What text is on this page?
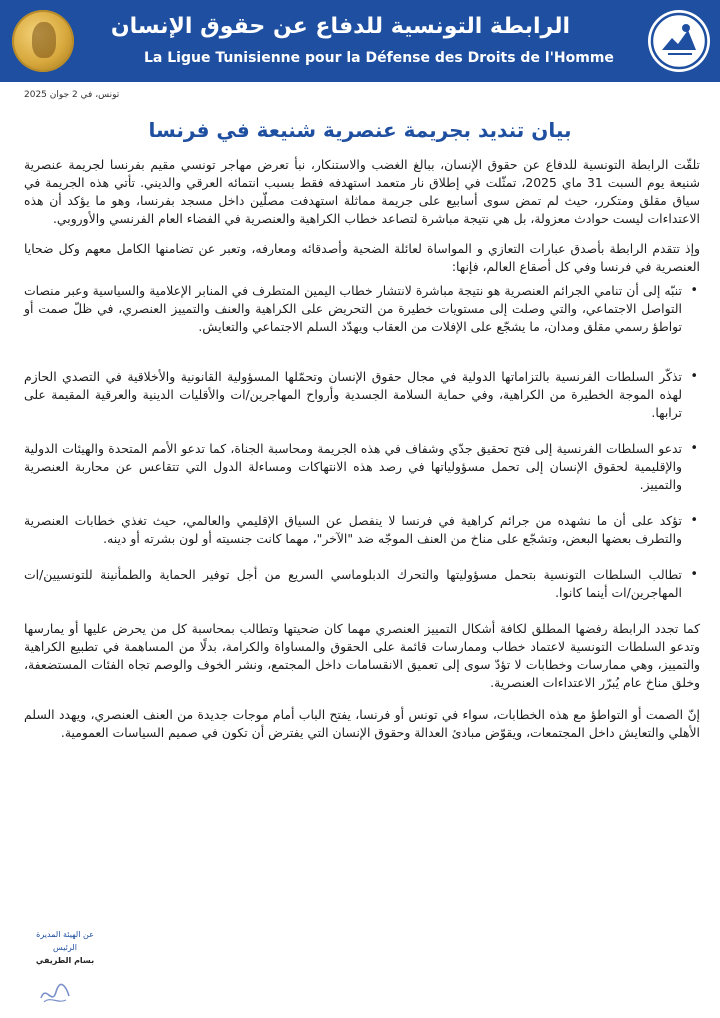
الرابطة التونسية للدفاع عن حقوق الإنسان
La Ligue Tunisienne pour la Défense des Droits de l'Homme
تونس، في 2 جوان 2025
بيان تنديد بجريمة عنصرية شنيعة في فرنسا

تلقّت الرابطة التونسية للدفاع عن حقوق الإنسان، ببالغ الغضب والاستنكار، نبأ تعرض مهاجر تونسي مقيم بفرنسا لجريمة عنصرية شنيعة يوم السبت 31 ماي 2025، تمثّلت في إطلاق نار متعمد استهدفه فقط بسبب انتمائه العرقي والديني. تأتي هذه الجريمة في سياق مقلق ومتكرر، حيث لم تمض سوى أسابيع على جريمة مماثلة استهدفت مصلّين داخل مسجد بفرنسا، وهو ما يؤكد أن هذه الاعتداءات ليست حوادث معزولة، بل هي نتيجة مباشرة لتصاعد خطاب الكراهية والعنصرية في الفضاء العام الفرنسي والأوروبي.

وإذ تتقدم الرابطة بأصدق عبارات التعازي و المواساة لعائلة الضحية وأصدقائه ومعارفه، وتعبر عن تضامنها الكامل معهم وكل ضحايا العنصرية في فرنسا وفي كل أصقاع العالم، فإنها:

• تنبّه إلى أن تنامي الجرائم العنصرية هو نتيجة مباشرة لانتشار خطاب اليمين المتطرف في المنابر الإعلامية والسياسية وعبر منصات التواصل الاجتماعي، والتي وصلت إلى مستويات خطيرة من التحريض على الكراهية والعنف والتمييز العنصري، في ظلّ صمت أو تواطؤ رسمي مقلق ومدان، ما يشجّع على الإفلات من العقاب ويهدّد السلم الاجتماعي والتعايش.
• تذكّر السلطات الفرنسية بالتزاماتها الدولية في مجال حقوق الإنسان وتحمّلها المسؤولية القانونية والأخلاقية في التصدي الحازم لهذه الموجة الخطيرة من الكراهية، وفي حماية السلامة الجسدية وأرواح المهاجرين/ات والأقليات الدينية والعرقية المقيمة على ترابها.
• تدعو السلطات الفرنسية إلى فتح تحقيق جدّي وشفاف في هذه الجريمة ومحاسبة الجناة، كما تدعو الأمم المتحدة والهيئات الدولية والإقليمية لحقوق الإنسان إلى تحمل مسؤولياتها في رصد هذه الانتهاكات ومساءلة الدول التي تتقاعس عن محاربة العنصرية والتمييز.
• تؤكد على أن ما نشهده من جرائم كراهية في فرنسا لا ينفصل عن السياق الإقليمي والعالمي، حيث تغذي خطابات العنصرية والتطرف بعضها البعض، وتشجّع على مناخ من العنف الموجّه ضد "الآخر"، مهما كانت جنسيته أو لون بشرته أو دينه.
• تطالب السلطات التونسية بتحمل مسؤوليتها والتحرك الدبلوماسي السريع من أجل توفير الحماية والطمأنينة للتونسيين/ات المهاجرين/ات أينما كانوا.

كما تجدد الرابطة رفضها المطلق لكافة أشكال التمييز العنصري مهما كان ضحيتها وتطالب بمحاسبة كل من يحرض عليها أو يمارسها وتدعو السلطات التونسية لاعتماد خطاب وممارسات قائمة على الحقوق والمساواة والكرامة، بدلًا من المساهمة في تطبيع الكراهية والتمييز، وهي ممارسات وخطابات لا تؤدّ سوى إلى تعميق الانقسامات داخل المجتمع، ونشر الخوف والوصم تجاه الفئات المستضعفة، وخلق مناخ عام يُبرّر الاعتداءات العنصرية.

إنّ الصمت أو التواطؤ مع هذه الخطابات، سواء في تونس أو فرنسا، يفتح الباب أمام موجات جديدة من العنف العنصري، ويهدد السلم الأهلي والتعايش داخل المجتمعات، ويقوّض مبادئ العدالة وحقوق الإنسان التي يفترض أن تكون في صميم السياسات العمومية.

عن الهيئة المديرة
الرئيس
بسام الطريفي
